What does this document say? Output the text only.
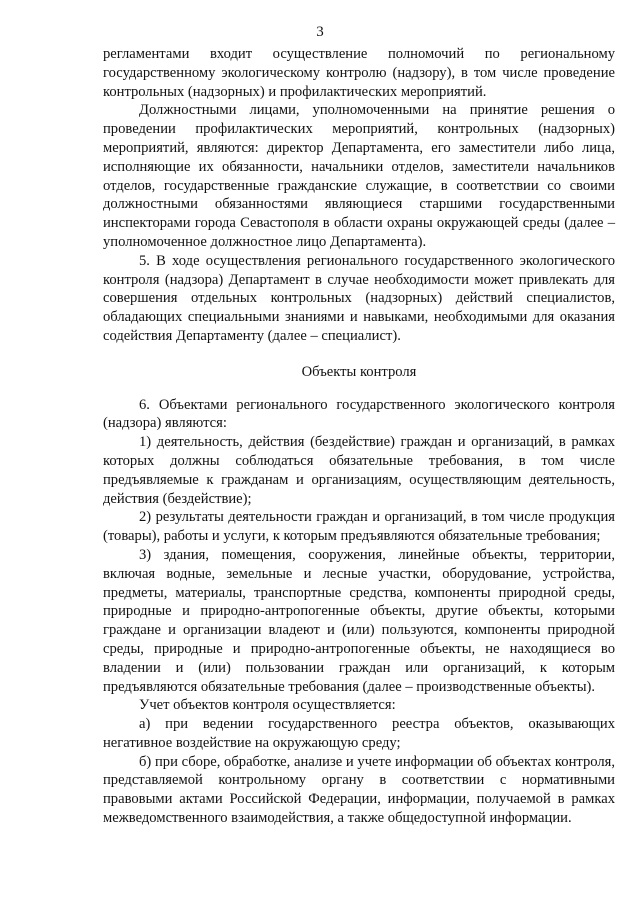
3

регламентами входит осуществление полномочий по региональному государственному экологическому контролю (надзору), в том числе проведение контрольных (надзорных) и профилактических мероприятий.

Должностными лицами, уполномоченными на принятие решения о проведении профилактических мероприятий, контрольных (надзорных) мероприятий, являются: директор Департамента, его заместители либо лица, исполняющие их обязанности, начальники отделов, заместители начальников отделов, государственные гражданские служащие, в соответствии со своими должностными обязанностями являющиеся старшими государственными инспекторами города Севастополя в области охраны окружающей среды (далее – уполномоченное должностное лицо Департамента).

5. В ходе осуществления регионального государственного экологического контроля (надзора) Департамент в случае необходимости может привлекать для совершения отдельных контрольных (надзорных) действий специалистов, обладающих специальными знаниями и навыками, необходимыми для оказания содействия Департаменту (далее – специалист).

Объекты контроля

6. Объектами регионального государственного экологического контроля (надзора) являются:

1) деятельность, действия (бездействие) граждан и организаций, в рамках которых должны соблюдаться обязательные требования, в том числе предъявляемые к гражданам и организациям, осуществляющим деятельность, действия (бездействие);

2) результаты деятельности граждан и организаций, в том числе продукция (товары), работы и услуги, к которым предъявляются обязательные требования;

3) здания, помещения, сооружения, линейные объекты, территории, включая водные, земельные и лесные участки, оборудование, устройства, предметы, материалы, транспортные средства, компоненты природной среды, природные и природно-антропогенные объекты, другие объекты, которыми граждане и организации владеют и (или) пользуются, компоненты природной среды, природные и природно-антропогенные объекты, не находящиеся во владении и (или) пользовании граждан или организаций, к которым предъявляются обязательные требования (далее – производственные объекты).

Учет объектов контроля осуществляется:

а) при ведении государственного реестра объектов, оказывающих негативное воздействие на окружающую среду;

б) при сборе, обработке, анализе и учете информации об объектах контроля, представляемой контрольному органу в соответствии с нормативными правовыми актами Российской Федерации, информации, получаемой в рамках межведомственного взаимодействия, а также общедоступной информации.
